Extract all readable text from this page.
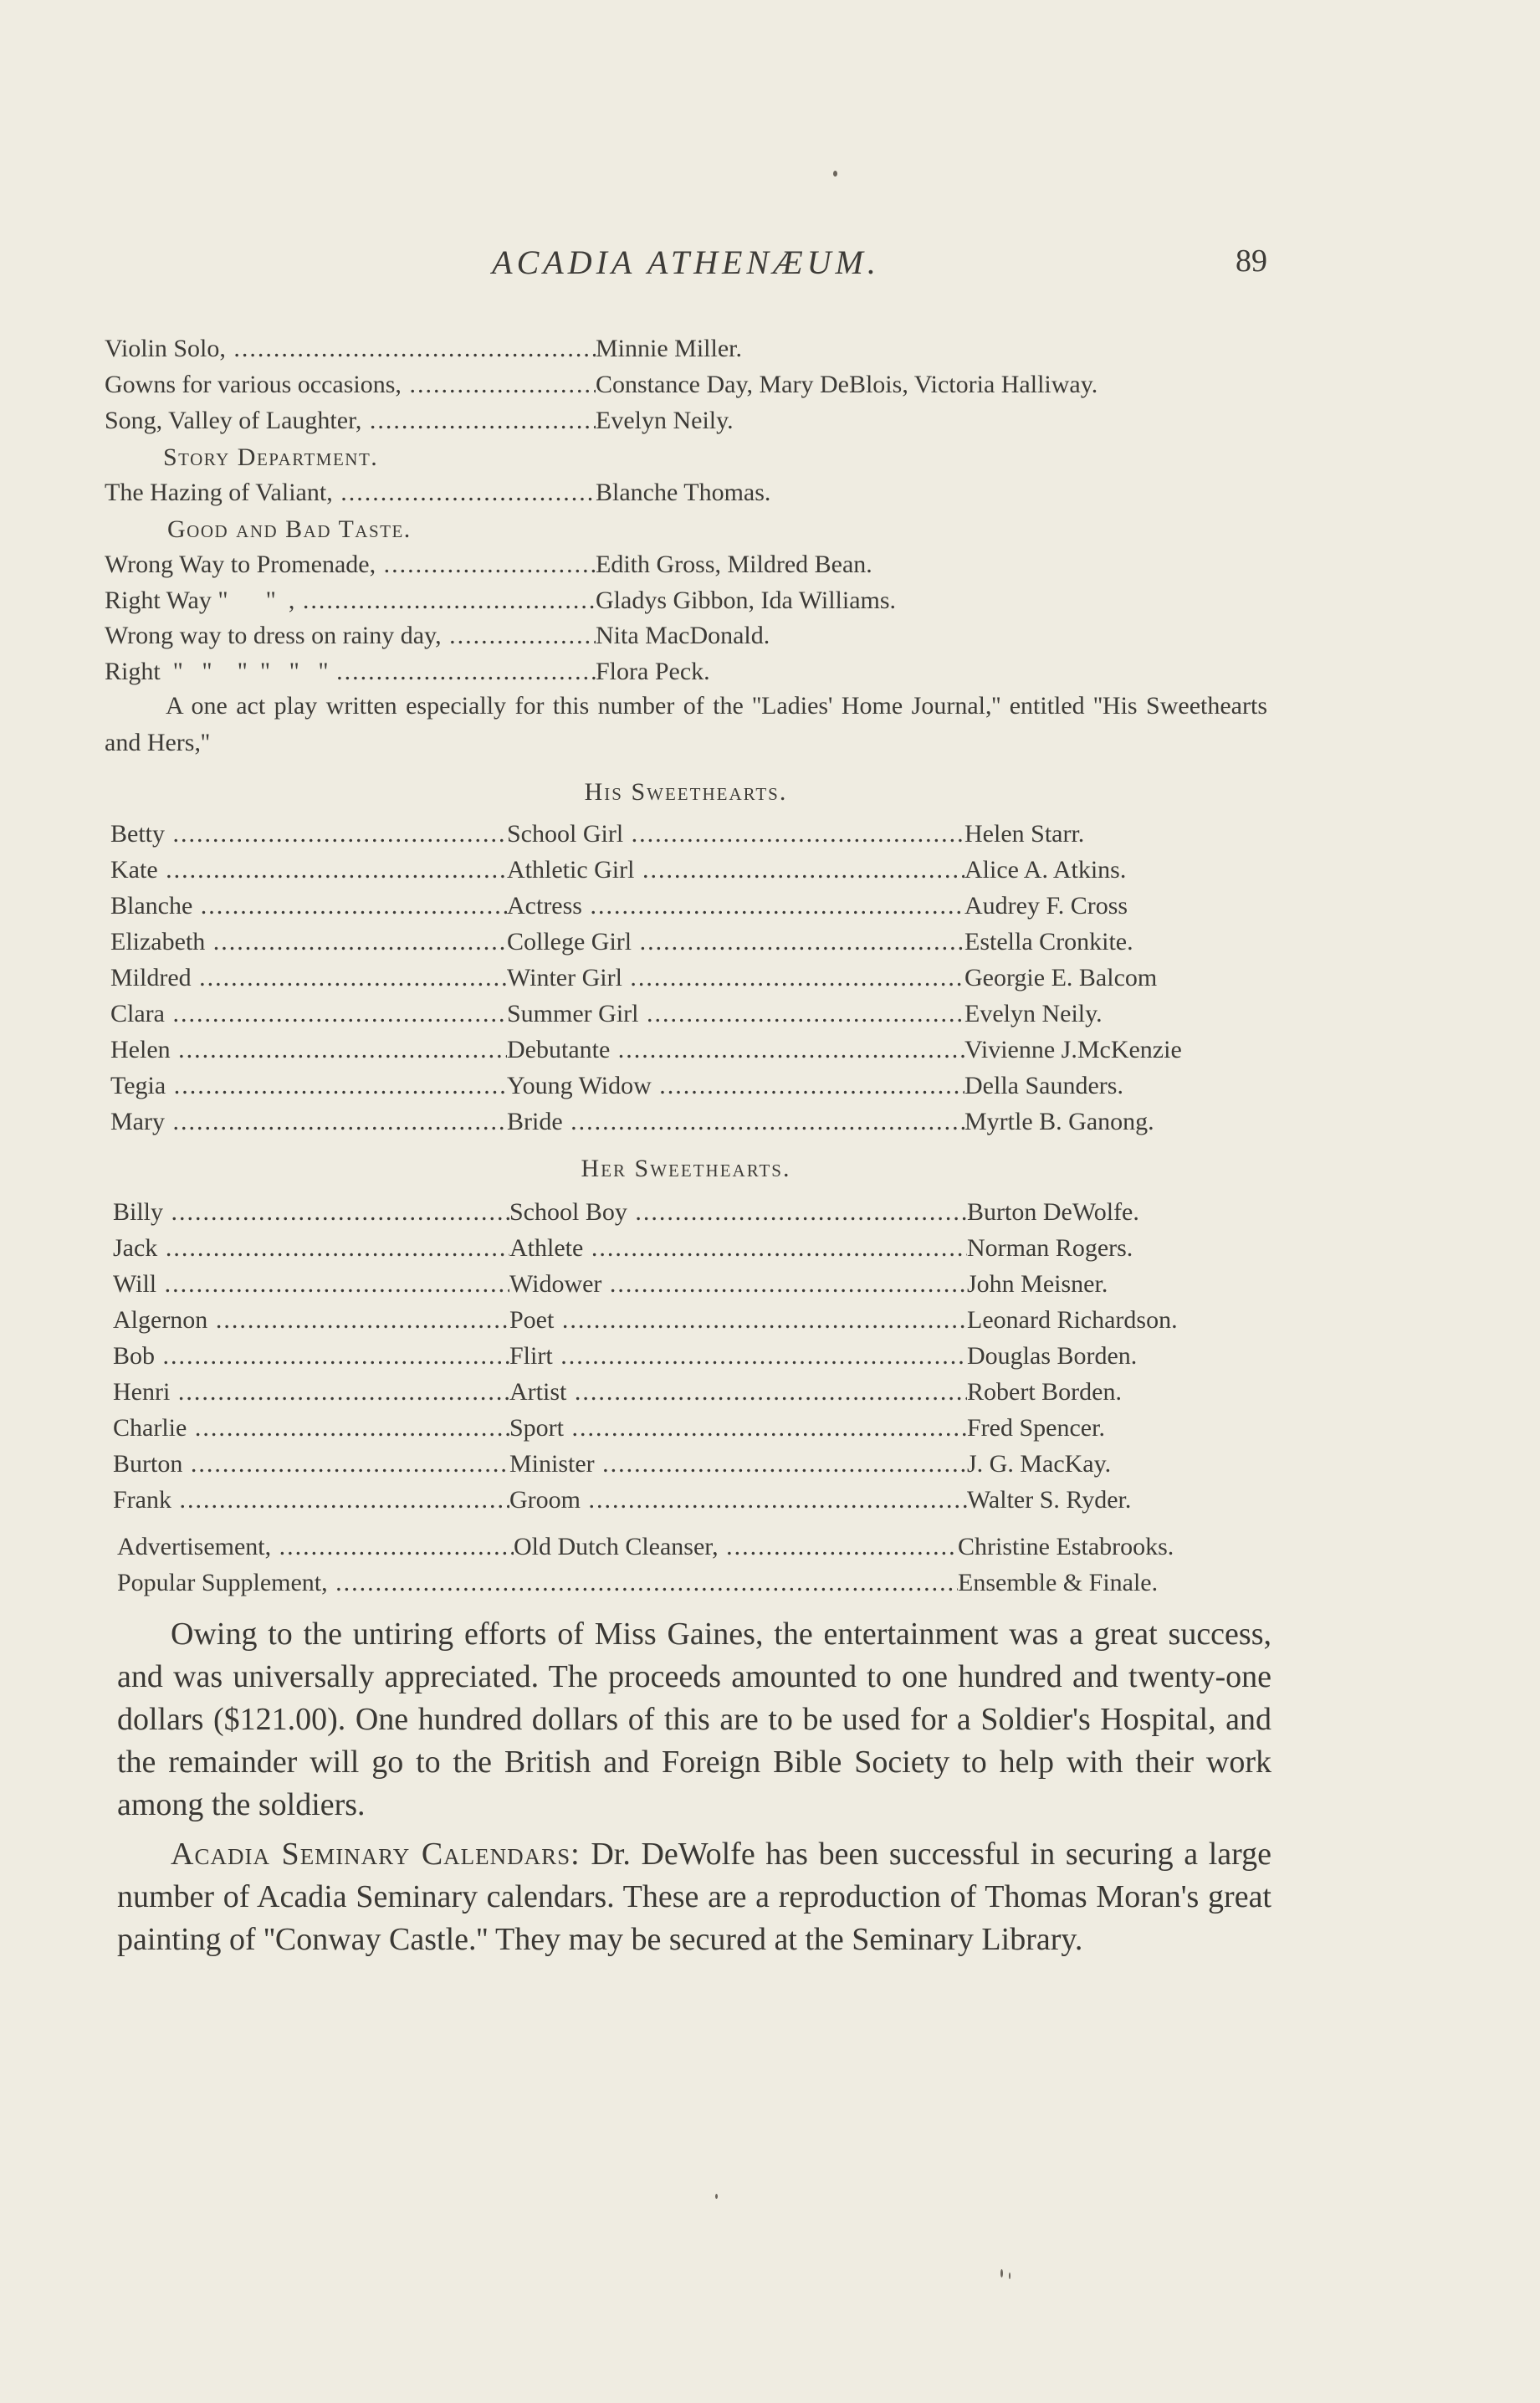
ACADIA ATHENÆUM.	89
Violin Solo, .....	Minnie Miller.
Gowns for various occasions, .....	Constance Day, Mary DeBlois, Victoria Halliway.
Song, Valley of Laughter, .....	Evelyn Neily.
Story Department.
The Hazing of Valiant, .....	Blanche Thomas.
Good and Bad Taste.
Wrong Way to Promenade, .....	Edith Gross, Mildred Bean.
Right Way "      "  , .....	Gladys Gibbon, Ida Williams.
Wrong way to dress on rainy day, .....	Nita MacDonald.
Right  "   "    "  "   "   " .....	Flora Peck.
A one act play written especially for this number of the ''Ladies' Home Journal,'' entitled ''His Sweethearts and Hers,''
His Sweethearts.
Betty .....	School Girl .....	Helen Starr.
Kate .....	Athletic Girl .....	Alice A. Atkins.
Blanche .....	Actress .....	Audrey F. Cross
Elizabeth .....	College Girl .....	Estella Cronkite.
Mildred .....	Winter Girl .....	Georgie E. Balcom
Clara .....	Summer Girl .....	Evelyn Neily.
Helen .....	Debutante .....	Vivienne J.McKenzie
Tegia .....	Young Widow .....	Della Saunders.
Mary .....	Bride .....	Myrtle B. Ganong.
Her Sweethearts.
Billy .....	School Boy .....	Burton DeWolfe.
Jack .....	Athlete .....	Norman Rogers.
Will .....	Widower .....	John Meisner.
Algernon .....	Poet .....	Leonard Richardson.
Bob .....	Flirt .....	Douglas Borden.
Henri .....	Artist .....	Robert Borden.
Charlie .....	Sport .....	Fred Spencer.
Burton .....	Minister .....	J. G. MacKay.
Frank .....	Groom .....	Walter S. Ryder.
Advertisement, .....	Old Dutch Cleanser, .....	Christine Estabrooks.
Popular Supplement, .....	Ensemble & Finale.

Owing to the untiring efforts of Miss Gaines, the entertainment was a great success, and was universally appreciated. The proceeds amounted to one hundred and twenty-one dollars ($121.00). One hundred dollars of this are to be used for a Soldier's Hospital, and the remainder will go to the British and Foreign Bible Society to help with their work among the soldiers.

Acadia Seminary Calendars: Dr. DeWolfe has been successful in securing a large number of Acadia Seminary calendars. These are a reproduction of Thomas Moran's great painting of ''Conway Castle.'' They may be secured at the Seminary Library.
